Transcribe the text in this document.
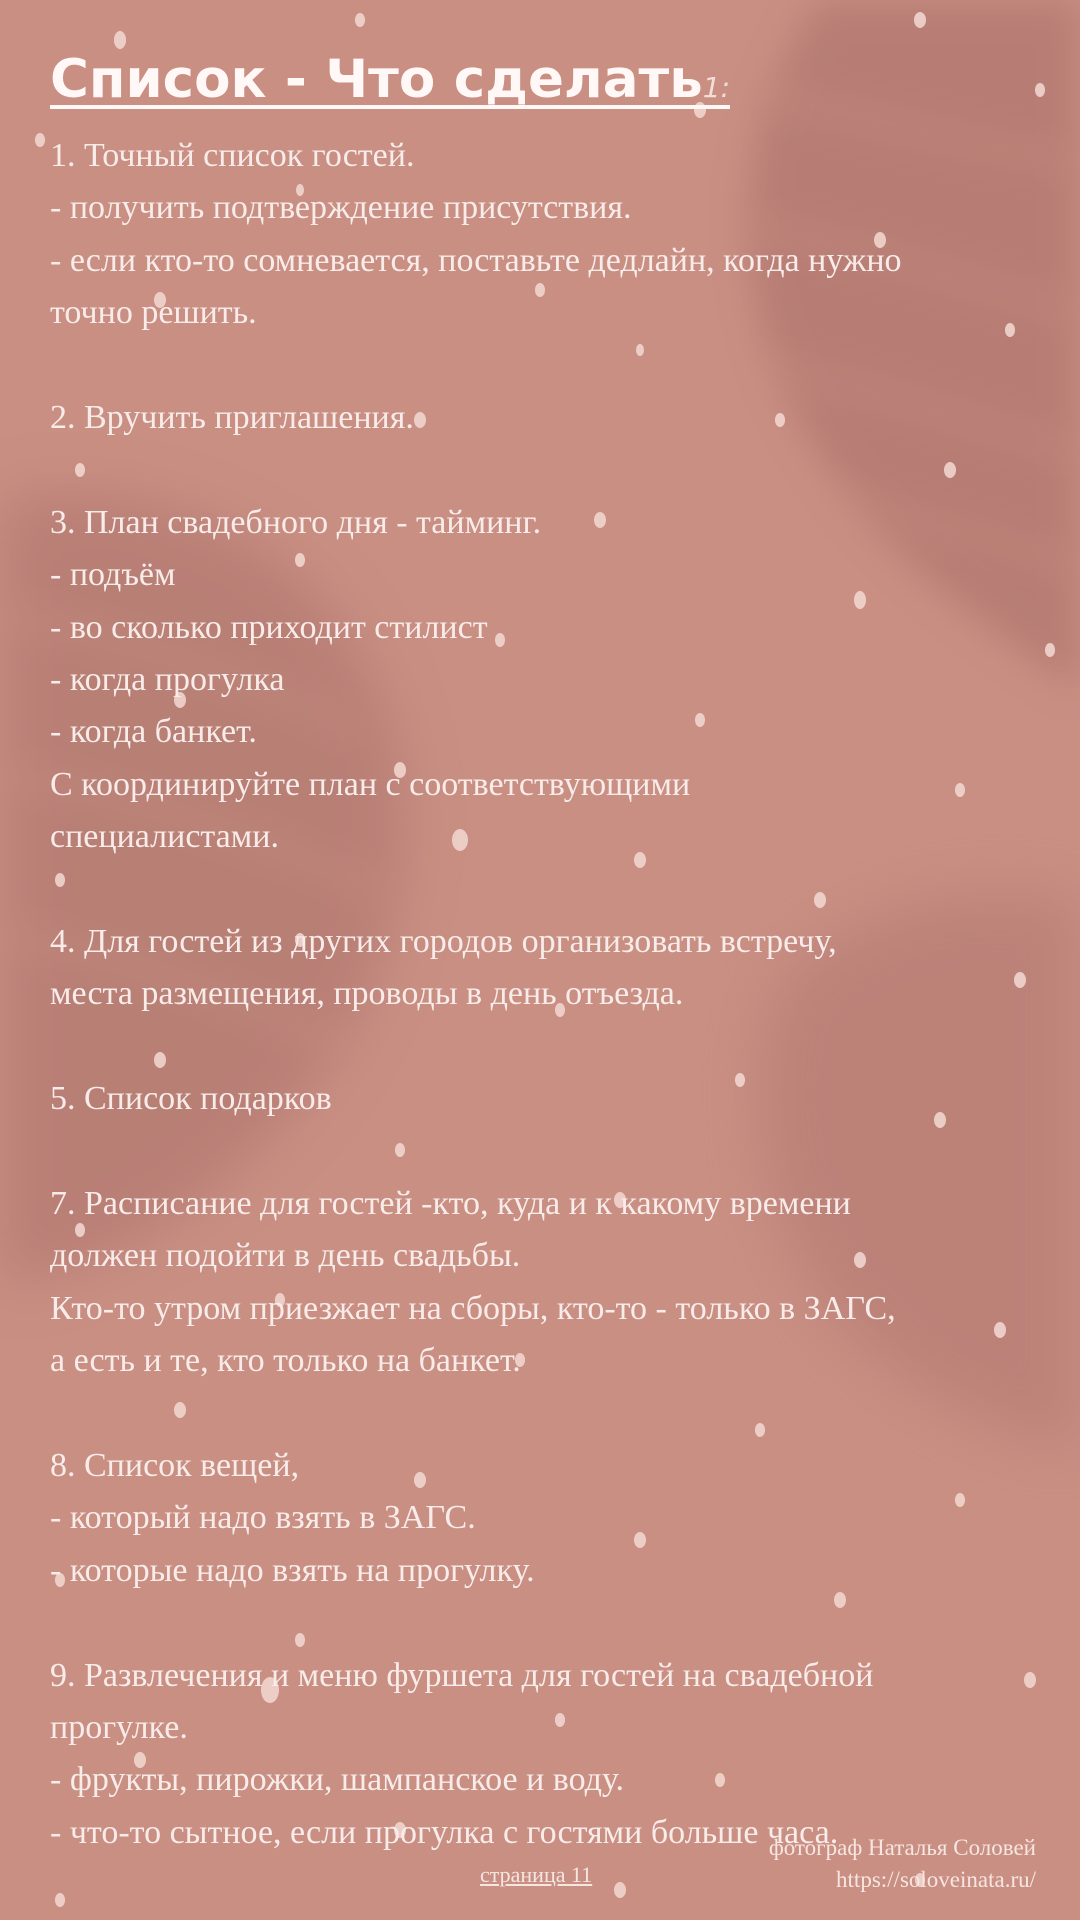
Список - Что сделать1:
1. Точный список гостей.
- получить подтверждение присутствия.
- если кто-то сомневается, поставьте дедлайн, когда нужно
точно решить.
2. Вручить приглашения.
3. План свадебного дня - тайминг.
- подъём
- во сколько приходит стилист
- когда прогулка
- когда банкет.
С координируйте план с соответствующими
специалистами.
4. Для гостей из других городов организовать встречу,
места размещения, проводы в день отъезда.
5. Список подарков
7. Расписание для гостей -кто, куда и к какому времени
должен подойти в день свадьбы.
Кто-то утром приезжает на сборы, кто-то - только в ЗАГС,
а есть и те, кто только на банкет.
8. Список вещей,
- который надо взять в ЗАГС.
- которые надо взять на прогулку.
9. Развлечения и меню фуршета для гостей на свадебной
прогулке.
- фрукты, пирожки, шампанское и воду.
- что-то сытное, если прогулка с гостями больше часа.
страница 11
фотограф Наталья Соловей
https://soloveinata.ru/
